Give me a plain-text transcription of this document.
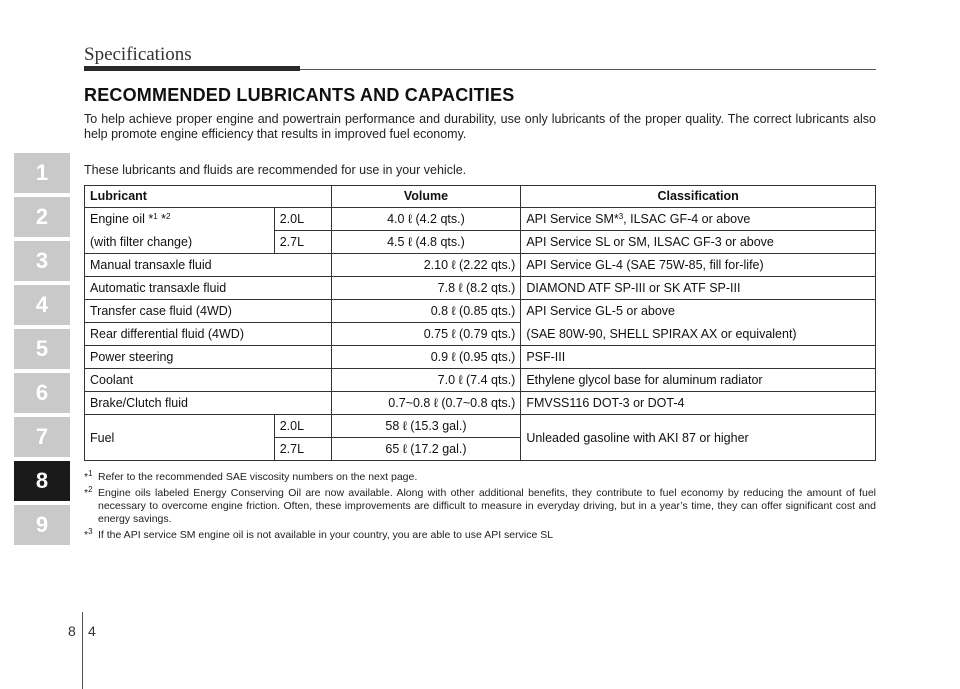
Specifications
1
2
3
4
5
6
7
8
9
RECOMMENDED LUBRICANTS AND CAPACITIES
To help achieve proper engine and powertrain performance and durability, use only lubricants of the proper quality. The correct lubricants also help promote engine efficiency that results in improved fuel economy.
These lubricants and fluids are recommended for use in your vehicle.
Lubricant		Volume	Classification
Engine oil *$^1$ *$^2$	2.0L	4.0 ℓ (4.2 qts.)	API Service SM*$^3$, ILSAC GF-4 or above
(with filter change)	2.7L	4.5 ℓ (4.8 qts.)	API Service SL or SM, ILSAC GF-3 or above
Manual transaxle fluid		2.10 ℓ (2.22 qts.)	API Service GL-4 (SAE 75W-85, fill for-life)
Automatic transaxle fluid		7.8 ℓ (8.2 qts.)	DIAMOND ATF SP-III or SK ATF SP-III
Transfer case fluid (4WD)		0.8 ℓ (0.85 qts.)	API Service GL-5 or above
Rear differential fluid (4WD)		0.75 ℓ (0.79 qts.)	(SAE 80W-90, SHELL SPIRAX AX or equivalent)
Power steering		0.9 ℓ (0.95 qts.)	PSF-III
Coolant		7.0 ℓ (7.4 qts.)	Ethylene glycol base for aluminum radiator
Brake/Clutch fluid		0.7~0.8 ℓ (0.7~0.8 qts.)	FMVSS116 DOT-3 or DOT-4
Fuel	2.0L	58 ℓ (15.3 gal.)	Unleaded gasoline with AKI 87 or higher
	2.7L	65 ℓ (17.2 gal.)	
*$^1$ Refer to the recommended SAE viscosity numbers on the next page.
*$^2$ Engine oils labeled Energy Conserving Oil are now available. Along with other additional benefits, they contribute to fuel economy by reducing the amount of fuel necessary to overcome engine friction. Often, these improvements are difficult to measure in everyday driving, but in a year’s time, they can offer significant cost and energy savings.
*$^3$ If the API service SM engine oil is not available in your country, you are able to use API service SL
8 4
